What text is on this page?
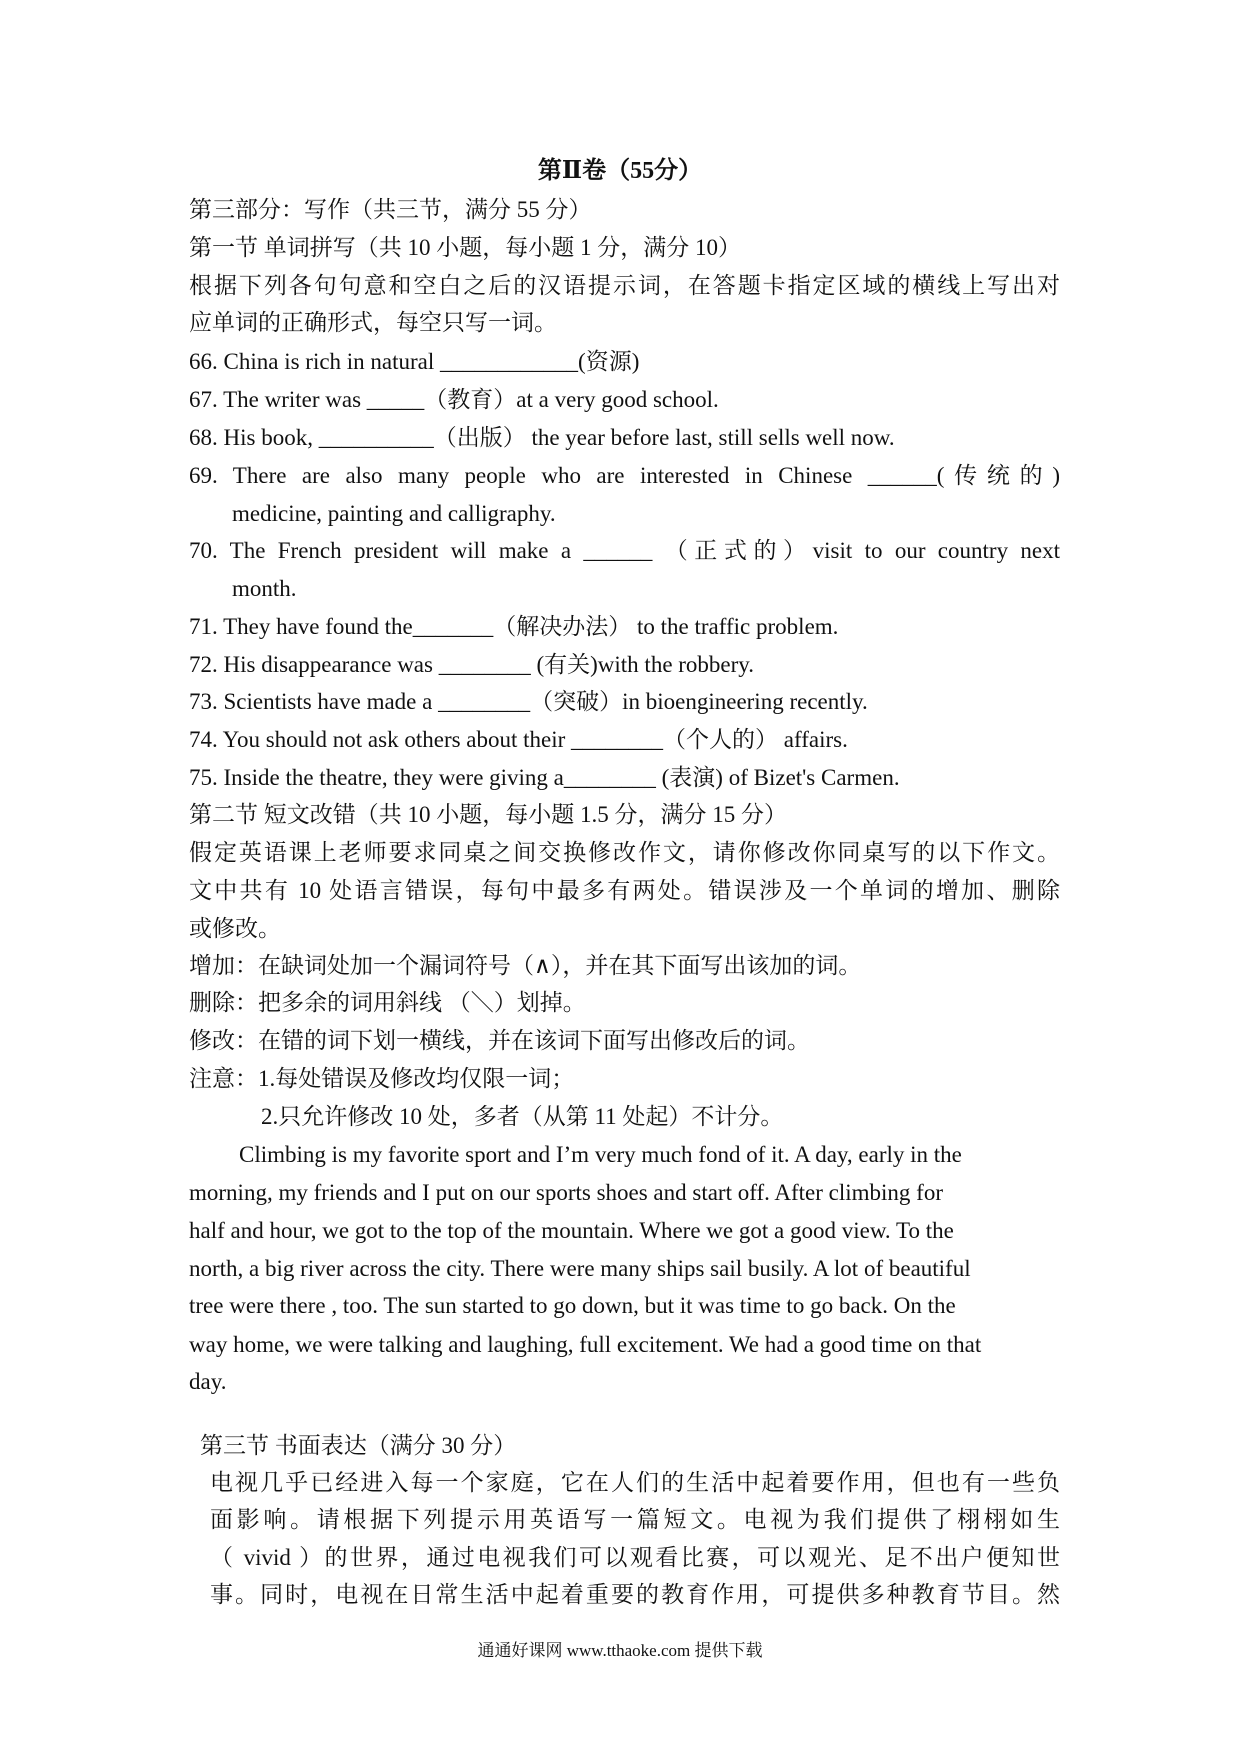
第Ⅱ卷（55分）
第三部分：写作（共三节，满分 55 分）
第一节 单词拼写（共 10 小题，每小题 1 分，满分 10）
根据下列各句句意和空白之后的汉语提示词，在答题卡指定区域的横线上写出对
应单词的正确形式，每空只写一词。
66. China is rich in natural ____________(资源)
67. The writer was _____（教育）at a very good school.
68. His book, __________（出版） the year before last, still sells well now.
69. There are also many people who are interested in Chinese ______(传统的)
medicine, painting and calligraphy.
70. The French president will make a ______ （正式的）visit to our country next
month.
71. They have found the_______（解决办法） to the traffic problem.
72. His disappearance was ________ (有关)with the robbery.
73. Scientists have made a ________（突破）in bioengineering recently.
74. You should not ask others about their ________（个人的） affairs.
75. Inside the theatre, they were giving a________ (表演) of Bizet's Carmen.
第二节 短文改错（共 10 小题，每小题 1.5 分，满分 15 分）
假定英语课上老师要求同桌之间交换修改作文，请你修改你同桌写的以下作文。
文中共有 10 处语言错误，每句中最多有两处。错误涉及一个单词的增加、删除
或修改。
增加：在缺词处加一个漏词符号（∧），并在其下面写出该加的词。
删除：把多余的词用斜线 （＼）划掉。
修改：在错的词下划一横线，并在该词下面写出修改后的词。
注意：1.每处错误及修改均仅限一词；
2.只允许修改 10 处，多者（从第 11 处起）不计分。
Climbing is my favorite sport and I’m very much fond of it. A day, early in the
morning, my friends and I put on our sports shoes and start off. After climbing for
half and hour, we got to the top of the mountain. Where we got a good view. To the
north, a big river across the city. There were many ships sail busily. A lot of beautiful
tree were there , too. The sun started to go down, but it was time to go back. On the
way home, we were talking and laughing, full excitement. We had a good time on that
day.
第三节 书面表达（满分 30 分）
电视几乎已经进入每一个家庭，它在人们的生活中起着要作用，但也有一些负
面影响。请根据下列提示用英语写一篇短文。电视为我们提供了栩栩如生
（ vivid ）的世界，通过电视我们可以观看比赛，可以观光、足不出户便知世
事。同时，电视在日常生活中起着重要的教育作用，可提供多种教育节目。然
通通好课网 www.tthaoke.com 提供下载
